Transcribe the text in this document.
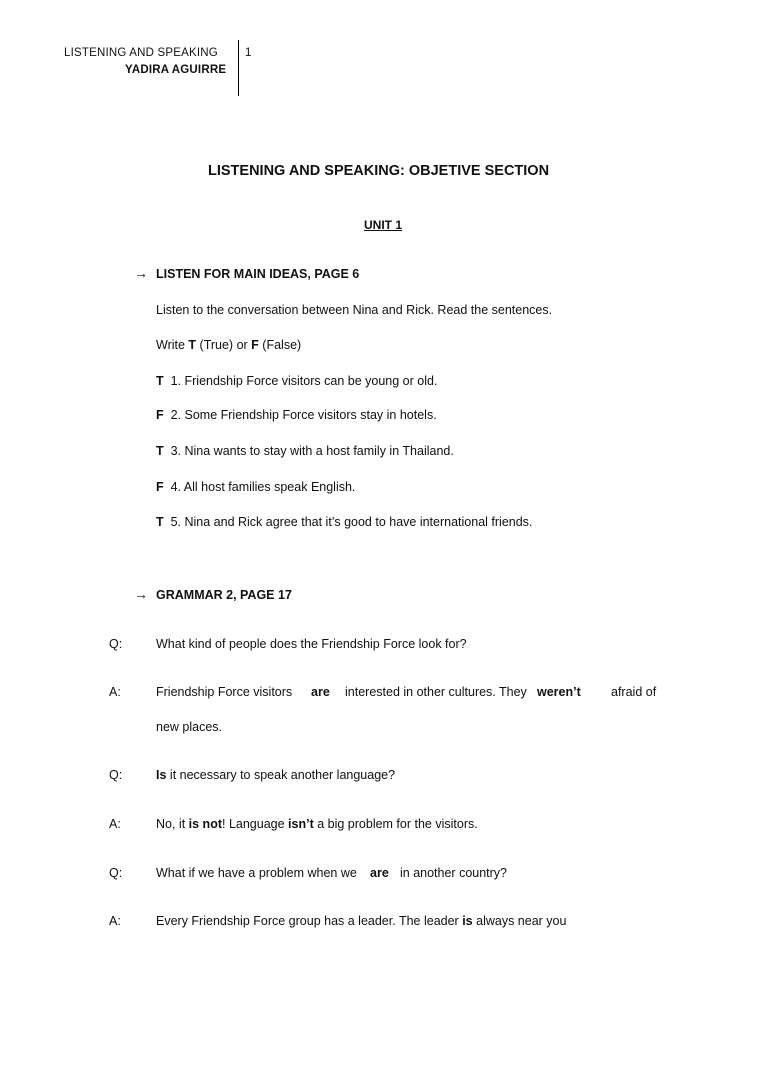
LISTENING AND SPEAKING
YADIRA AGUIRRE
1
LISTENING AND SPEAKING: OBJETIVE SECTION
UNIT 1
→ LISTEN FOR MAIN IDEAS, PAGE 6
Listen to the conversation between Nina and Rick. Read the sentences.
Write T (True) or F (False)
T 1. Friendship Force visitors can be young or old.
F 2. Some Friendship Force visitors stay in hotels.
T 3. Nina wants to stay with a host family in Thailand.
F 4. All host families speak English.
T 5. Nina and Rick agree that it’s good to have international friends.
→ GRAMMAR 2, PAGE 17
Q:	What kind of people does the Friendship Force look for?
A:	Friendship Force visitors are interested in other cultures. They weren’t afraid of
new places.
Q:	Is it necessary to speak another language?
A:	No, it is not! Language isn’t a big problem for the visitors.
Q:	What if we have a problem when we are in another country?
A:	Every Friendship Force group has a leader. The leader is always near you
